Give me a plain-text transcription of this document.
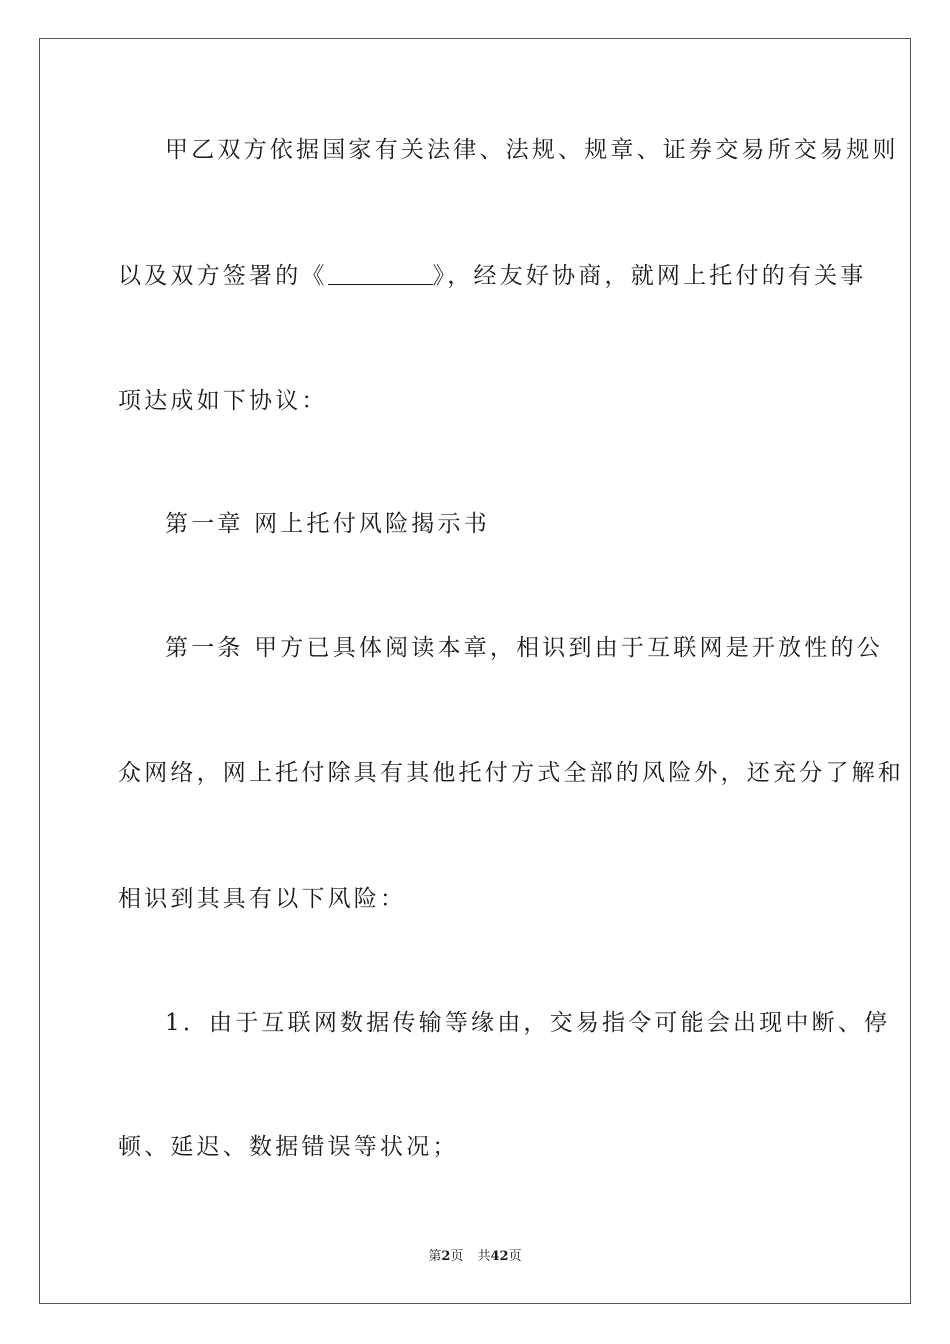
甲乙双方依据国家有关法律、法规、规章、证券交易所交易规则
以及双方签署的《	》，经友好协商，就网上托付的有关事
项达成如下协议：
第一章 网上托付风险揭示书
第一条 甲方已具体阅读本章，相识到由于互联网是开放性的公
众网络，网上托付除具有其他托付方式全部的风险外，还充分了解和
相识到其具有以下风险：
1．由于互联网数据传输等缘由，交易指令可能会出现中断、停
顿、延迟、数据错误等状况；
第2页 共42页
